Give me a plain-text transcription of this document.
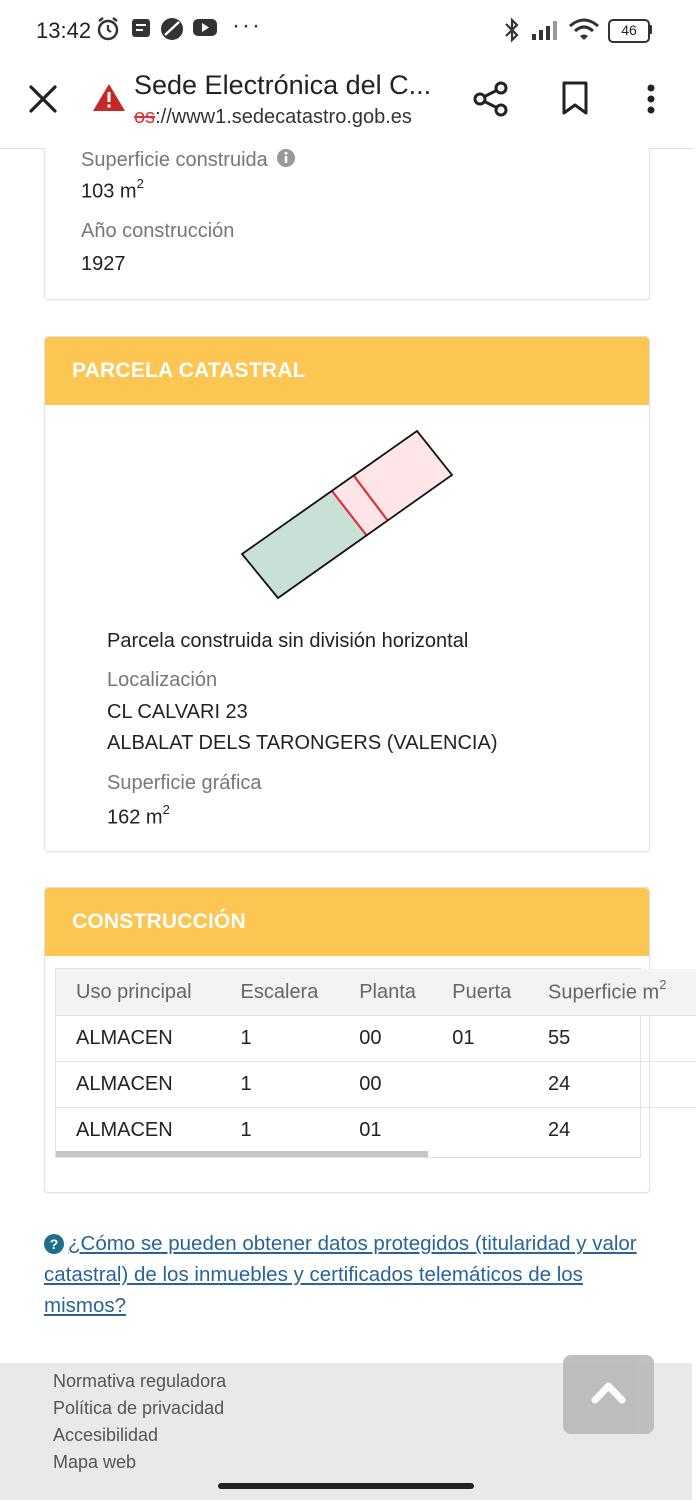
13:42	···	46
Sede Electrónica del C...
os://www1.sedecatastro.gob.es
Superficie construida
103 $m^2$
Año construcción
1927
PARCELA CATASTRAL
Parcela construida sin división horizontal
Localización
CL CALVARI 23
ALBALAT DELS TARONGERS (VALENCIA)
Superficie gráfica
162 $m^2$
CONSTRUCCIÓN
Uso principal	Escalera	Planta	Puerta	Superficie $m^2$
ALMACEN	1	00	01	55
ALMACEN	1	00		24
ALMACEN	1	01		24
? ¿Cómo se pueden obtener datos protegidos (titularidad y valor catastral) de los inmuebles y certificados telemáticos de los mismos?
Normativa reguladora
Política de privacidad
Accesibilidad
Mapa web
